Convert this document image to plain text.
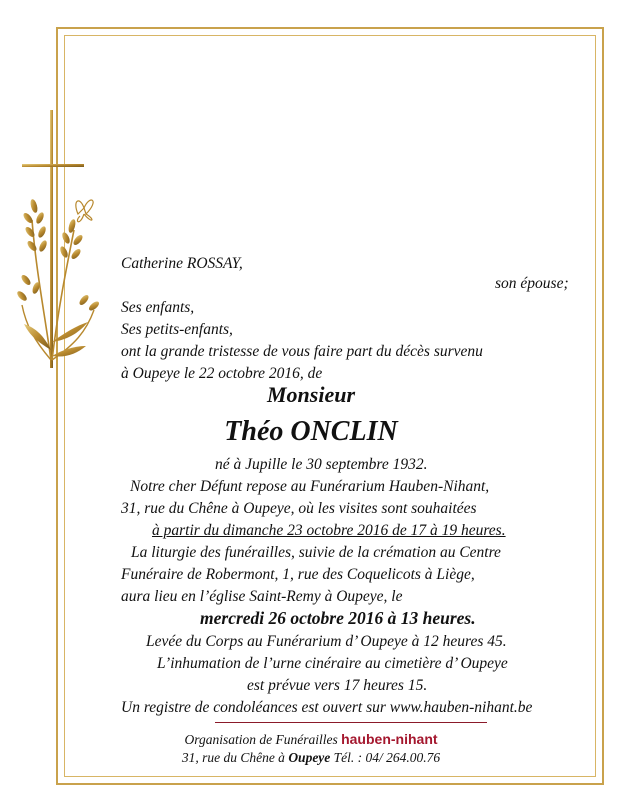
Catherine ROSSAY,
son épouse;
Ses enfants,
Ses petits-enfants,
ont la grande tristesse de vous faire part du décès survenu
à Oupeye le 22 octobre 2016, de
Monsieur
Théo ONCLIN
né à Jupille le 30 septembre 1932.
Notre cher Défunt repose au Funérarium Hauben-Nihant,
31, rue du Chêne à Oupeye, où les visites sont souhaitées
à partir du dimanche 23 octobre 2016 de 17 à 19 heures.
La liturgie des funérailles, suivie de la crémation au Centre
Funéraire de Robermont, 1, rue des Coquelicots à Liège,
aura lieu en l’église Saint-Remy à Oupeye, le
mercredi 26 octobre 2016 à 13 heures.
Levée du Corps au Funérarium d’ Oupeye à 12 heures 45.
L’inhumation de l’urne cinéraire au cimetière d’ Oupeye
est prévue vers 17 heures 15.
Un registre de condoléances est ouvert sur www.hauben-nihant.be
Organisation de Funérailles hauben-nihant
31, rue du Chêne à Oupeye Tél. : 04/ 264.00.76
